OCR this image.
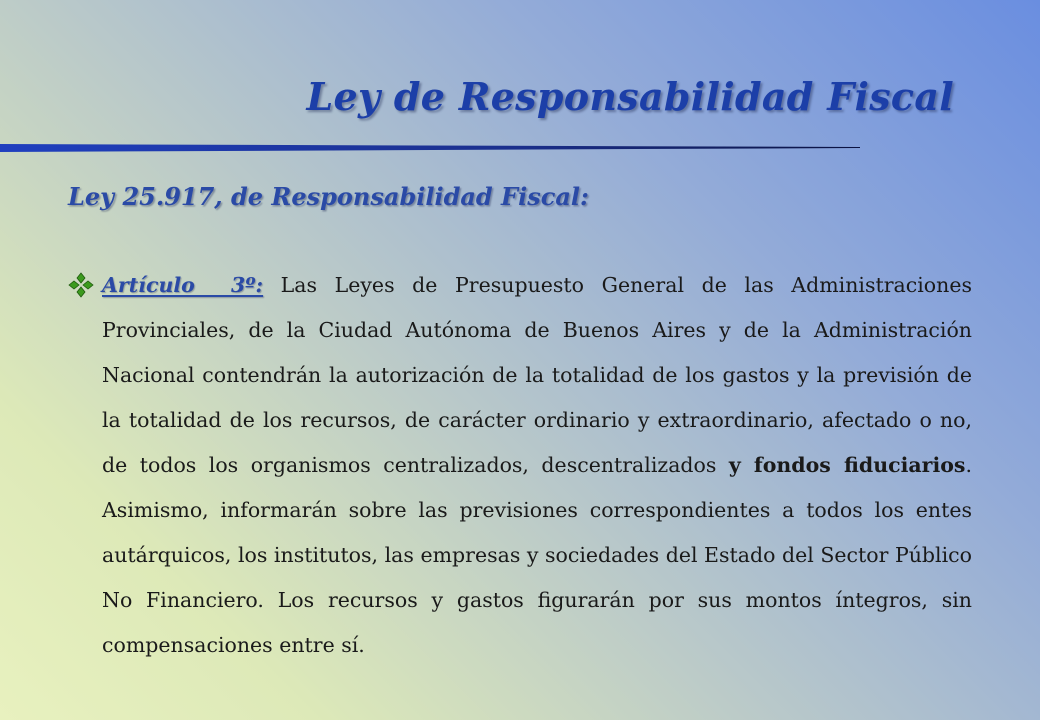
Ley de Responsabilidad Fiscal
Ley 25.917, de Responsabilidad Fiscal:

Artículo 3º: Las Leyes de Presupuesto General de las Administraciones Provinciales, de la Ciudad Autónoma de Buenos Aires y de la Administración Nacional contendrán la autorización de la totalidad de los gastos y la previsión de la totalidad de los recursos, de carácter ordinario y extraordinario, afectado o no, de todos los organismos centralizados, descentralizados y fondos fiduciarios. Asimismo, informarán sobre las previsiones correspondientes a todos los entes autárquicos, los institutos, las empresas y sociedades del Estado del Sector Público No Financiero. Los recursos y gastos figurarán por sus montos íntegros, sin compensaciones entre sí.
